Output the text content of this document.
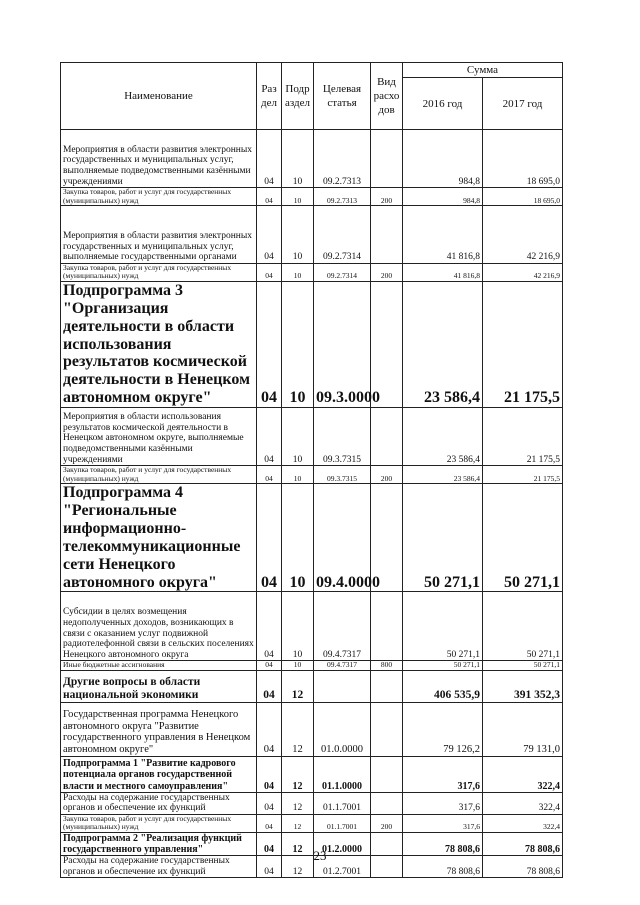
Наименование	Раз дел	Подр аздел	Целевая статья	Вид расхо дов	Сумма	
					2016 год	2017 год
Мероприятия в области развития электронных государственных и муниципальных услуг, выполняемые подведомственными казёнными учреждениями	04	10	09.2.7313		984,8	18 695,0
Закупка товаров, работ и услуг для государственных (муниципальных) нужд	04	10	09.2.7313	200	984,8	18 695,0
Мероприятия в области развития электронных государственных и муниципальных услуг, выполняемые государственными органами	04	10	09.2.7314		41 816,8	42 216,9
Закупка товаров, работ и услуг для государственных (муниципальных) нужд	04	10	09.2.7314	200	41 816,8	42 216,9
Подпрограмма 3 "Организация деятельности в области использования результатов космической деятельности в Ненецком автономном округе"	04	10	09.3.0000		23 586,4	21 175,5
Мероприятия в области использования результатов космической деятельности в Ненецком автономном округе, выполняемые подведомственными казёнными учреждениями	04	10	09.3.7315		23 586,4	21 175,5
Закупка товаров, работ и услуг для государственных (муниципальных) нужд	04	10	09.3.7315	200	23 586,4	21 175,5
Подпрограмма 4 "Региональные информационно-телекоммуникационные сети Ненецкого автономного округа"	04	10	09.4.0000		50 271,1	50 271,1
Субсидии в целях возмещения недополученных доходов, возникающих в связи с оказанием услуг подвижной радиотелефонной связи в сельских поселениях Ненецкого автономного округа	04	10	09.4.7317		50 271,1	50 271,1
Иные бюджетные ассигнования	04	10	09.4.7317	800	50 271,1	50 271,1
Другие вопросы в области национальной экономики	04	12			406 535,9	391 352,3
Государственная программа Ненецкого автономного округа "Развитие государственного управления в Ненецком автономном округе"	04	12	01.0.0000		79 126,2	79 131,0
Подпрограмма 1 "Развитие кадрового потенциала органов государственной власти и местного самоуправления"	04	12	01.1.0000		317,6	322,4
Расходы на содержание государственных органов и обеспечение их функций	04	12	01.1.7001		317,6	322,4
Закупка товаров, работ и услуг для государственных (муниципальных) нужд	04	12	01.1.7001	200	317,6	322,4
Подпрограмма 2 "Реализация функций государственного управления"	04	12	01.2.0000		78 808,6	78 808,6
Расходы на содержание государственных органов и обеспечение их функций	04	12	01.2.7001		78 808,6	78 808,6
23
